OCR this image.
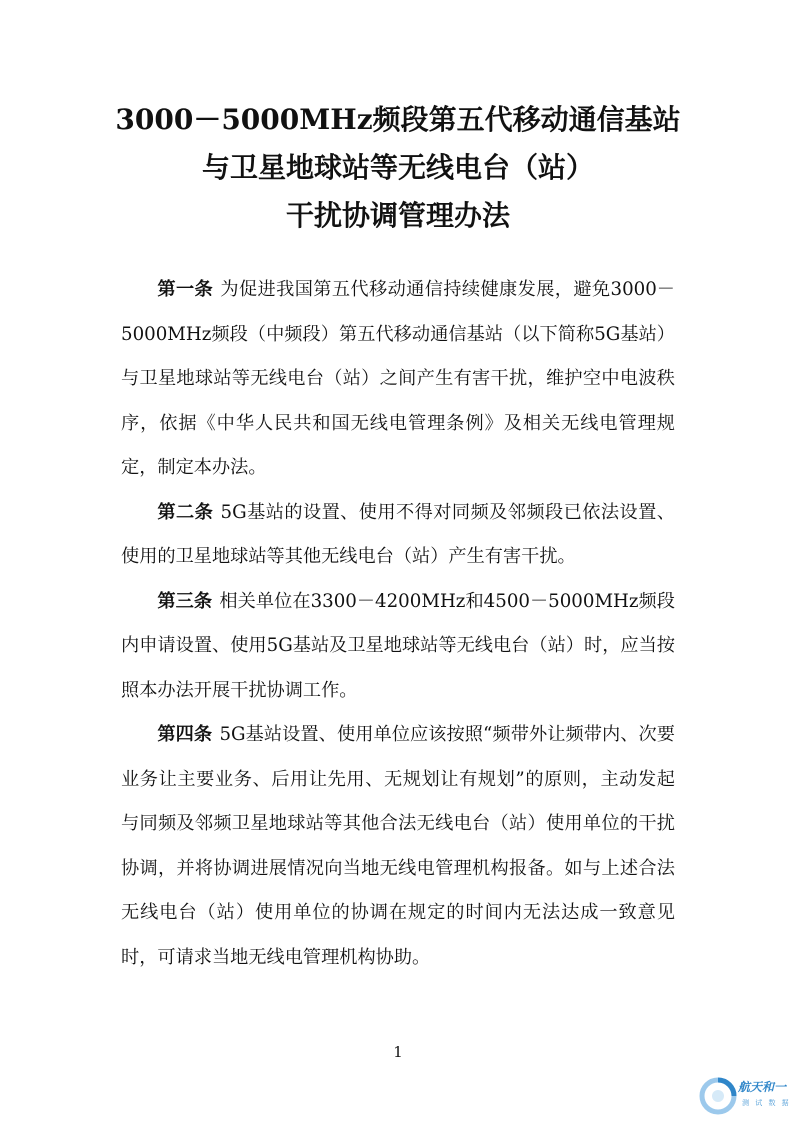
3000－5000MHz频段第五代移动通信基站
与卫星地球站等无线电台（站）
干扰协调管理办法

第一条 为促进我国第五代移动通信持续健康发展，避免3000－5000MHz频段（中频段）第五代移动通信基站（以下简称5G基站）与卫星地球站等无线电台（站）之间产生有害干扰，维护空中电波秩序，依据《中华人民共和国无线电管理条例》及相关无线电管理规定，制定本办法。

第二条 5G基站的设置、使用不得对同频及邻频段已依法设置、使用的卫星地球站等其他无线电台（站）产生有害干扰。

第三条 相关单位在3300－4200MHz和4500－5000MHz频段内申请设置、使用5G基站及卫星地球站等无线电台（站）时，应当按照本办法开展干扰协调工作。

第四条 5G基站设置、使用单位应该按照“频带外让频带内、次要业务让主要业务、后用让先用、无规划让有规划”的原则，主动发起与同频及邻频卫星地球站等其他合法无线电台（站）使用单位的干扰协调，并将协调进展情况向当地无线电管理机构报备。如与上述合法无线电台（站）使用单位的协调在规定的时间内无法达成一致意见时，可请求当地无线电管理机构协助。

1
航天和一
测 试 数 据
